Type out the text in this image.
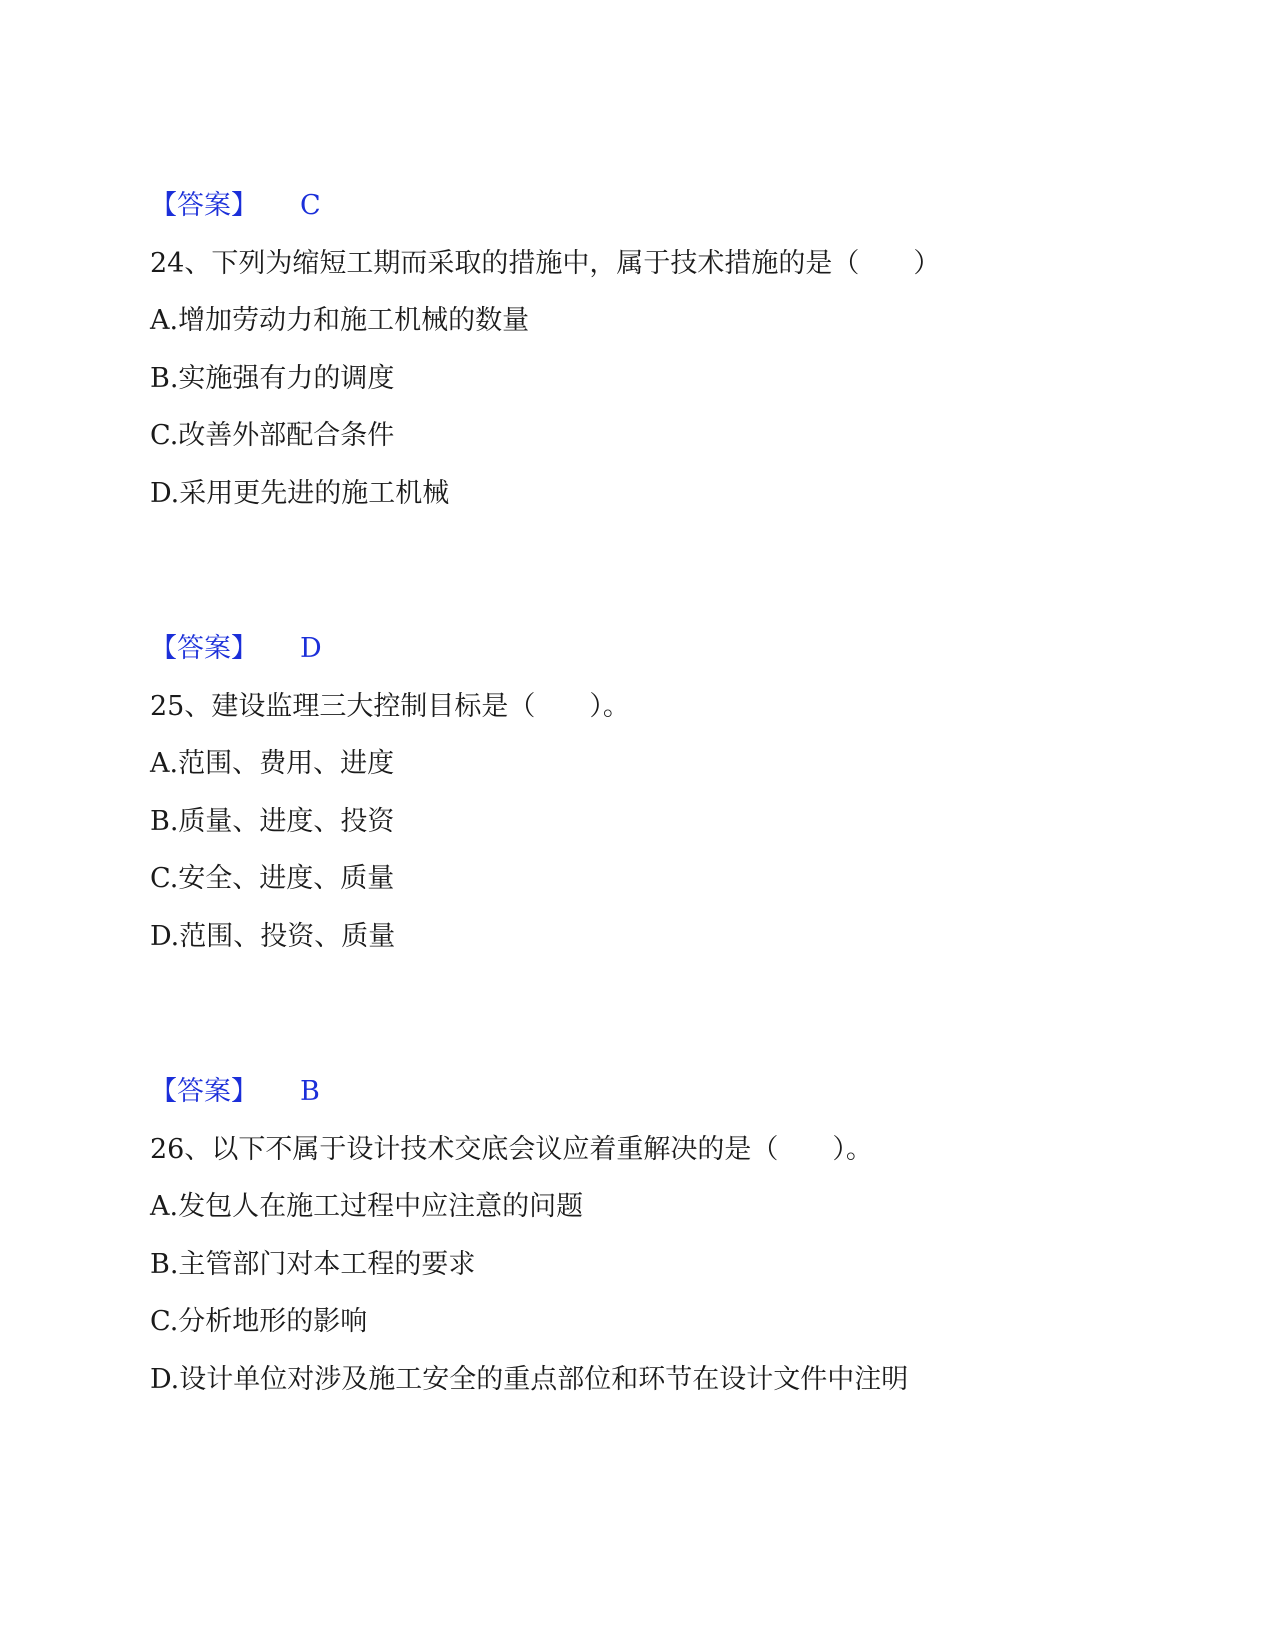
【答案】 C
24、下列为缩短工期而采取的措施中，属于技术措施的是（　　）
A.增加劳动力和施工机械的数量
B.实施强有力的调度
C.改善外部配合条件
D.采用更先进的施工机械
【答案】 D
25、建设监理三大控制目标是（　　）。
A.范围、费用、进度
B.质量、进度、投资
C.安全、进度、质量
D.范围、投资、质量
【答案】 B
26、以下不属于设计技术交底会议应着重解决的是（　　）。
A.发包人在施工过程中应注意的问题
B.主管部门对本工程的要求
C.分析地形的影响
D.设计单位对涉及施工安全的重点部位和环节在设计文件中注明
